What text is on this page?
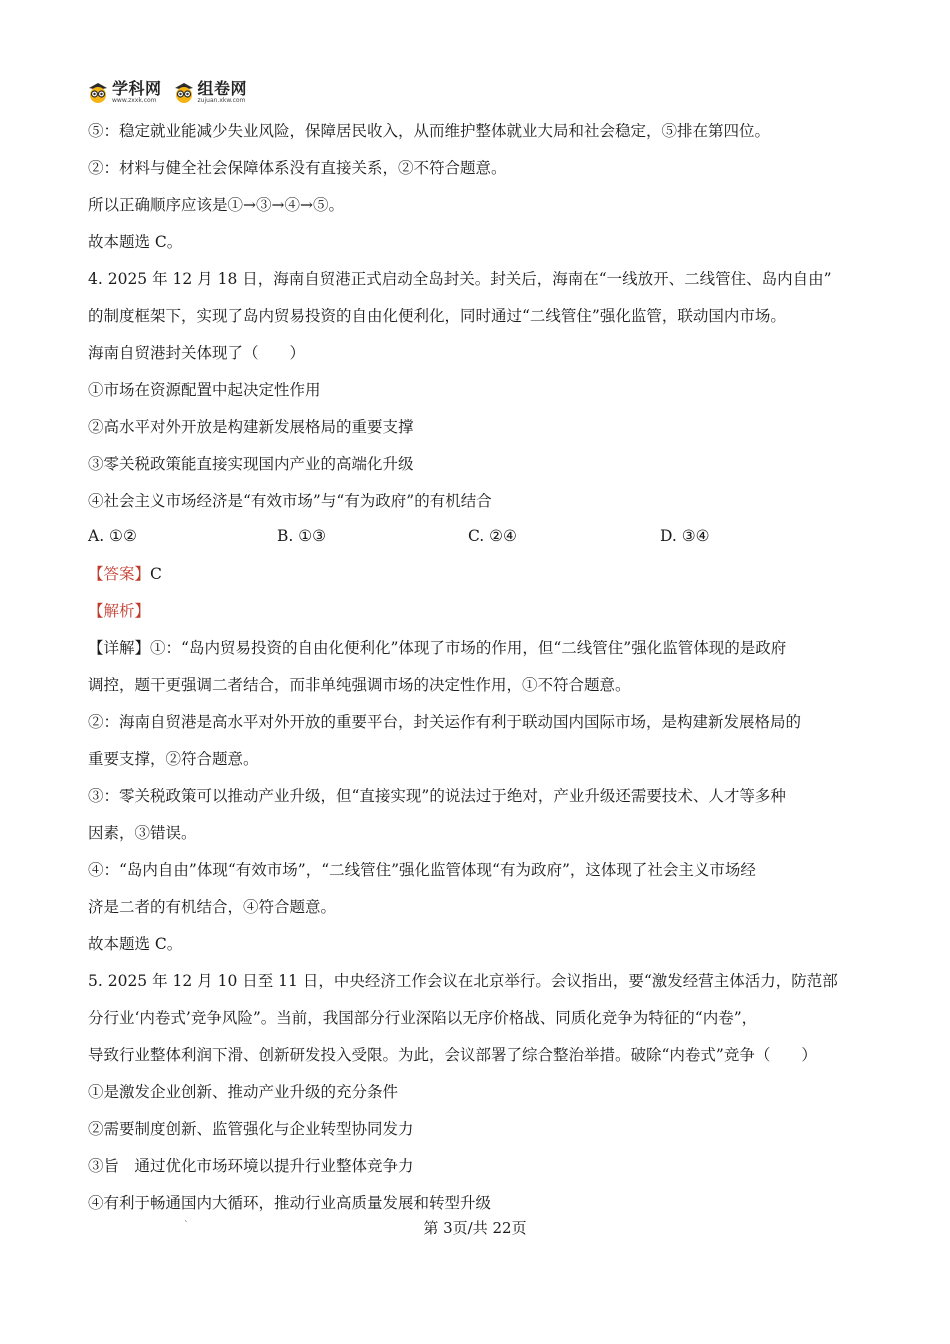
学科网
www.zxxk.com
组卷网
zujuan.xkw.com
⑤：稳定就业能减少失业风险，保障居民收入，从而维护整体就业大局和社会稳定，⑤排在第四位。
②：材料与健全社会保障体系没有直接关系，②不符合题意。
所以正确顺序应该是①→③→④→⑤。
故本题选 C。
4. 2025 年 12 月 18 日，海南自贸港正式启动全岛封关。封关后，海南在“一线放开、二线管住、岛内自由”
的制度框架下，实现了岛内贸易投资的自由化便利化，同时通过“二线管住”强化监管，联动国内市场。
海南自贸港封关体现了（　　）
①市场在资源配置中起决定性作用
②高水平对外开放是构建新发展格局的重要支撑
③零关税政策能直接实现国内产业的高端化升级
④社会主义市场经济是“有效市场”与“有为政府”的有机结合
A. ①②	B. ①③	C. ②④	D. ③④
【答案】C
【解析】
【详解】①：“岛内贸易投资的自由化便利化”体现了市场的作用，但“二线管住”强化监管体现的是政府
调控，题干更强调二者结合，而非单纯强调市场的决定性作用，①不符合题意。
②：海南自贸港是高水平对外开放的重要平台，封关运作有利于联动国内国际市场，是构建新发展格局的
重要支撑，②符合题意。
③：零关税政策可以推动产业升级，但“直接实现”的说法过于绝对，产业升级还需要技术、人才等多种
因素，③错误。
④：“岛内自由”体现“有效市场”，“二线管住”强化监管体现“有为政府”，这体现了社会主义市场经
济是二者的有机结合，④符合题意。
故本题选 C。
5. 2025 年 12 月 10 日至 11 日，中央经济工作会议在北京举行。会议指出，要“激发经营主体活力，防范部
分行业‘内卷式’竞争风险”。当前，我国部分行业深陷以无序价格战、同质化竞争为特征的“内卷”，
导致行业整体利润下滑、创新研发投入受限。为此，会议部署了综合整治举措。破除“内卷式”竞争（　　）
①是激发企业创新、推动产业升级的充分条件
②需要制度创新、监管强化与企业转型协同发力
③旨　通过优化市场环境以提升行业整体竞争力
④有利于畅通国内大循环，推动行业高质量发展和转型升级
`	第 3页/共 22页
